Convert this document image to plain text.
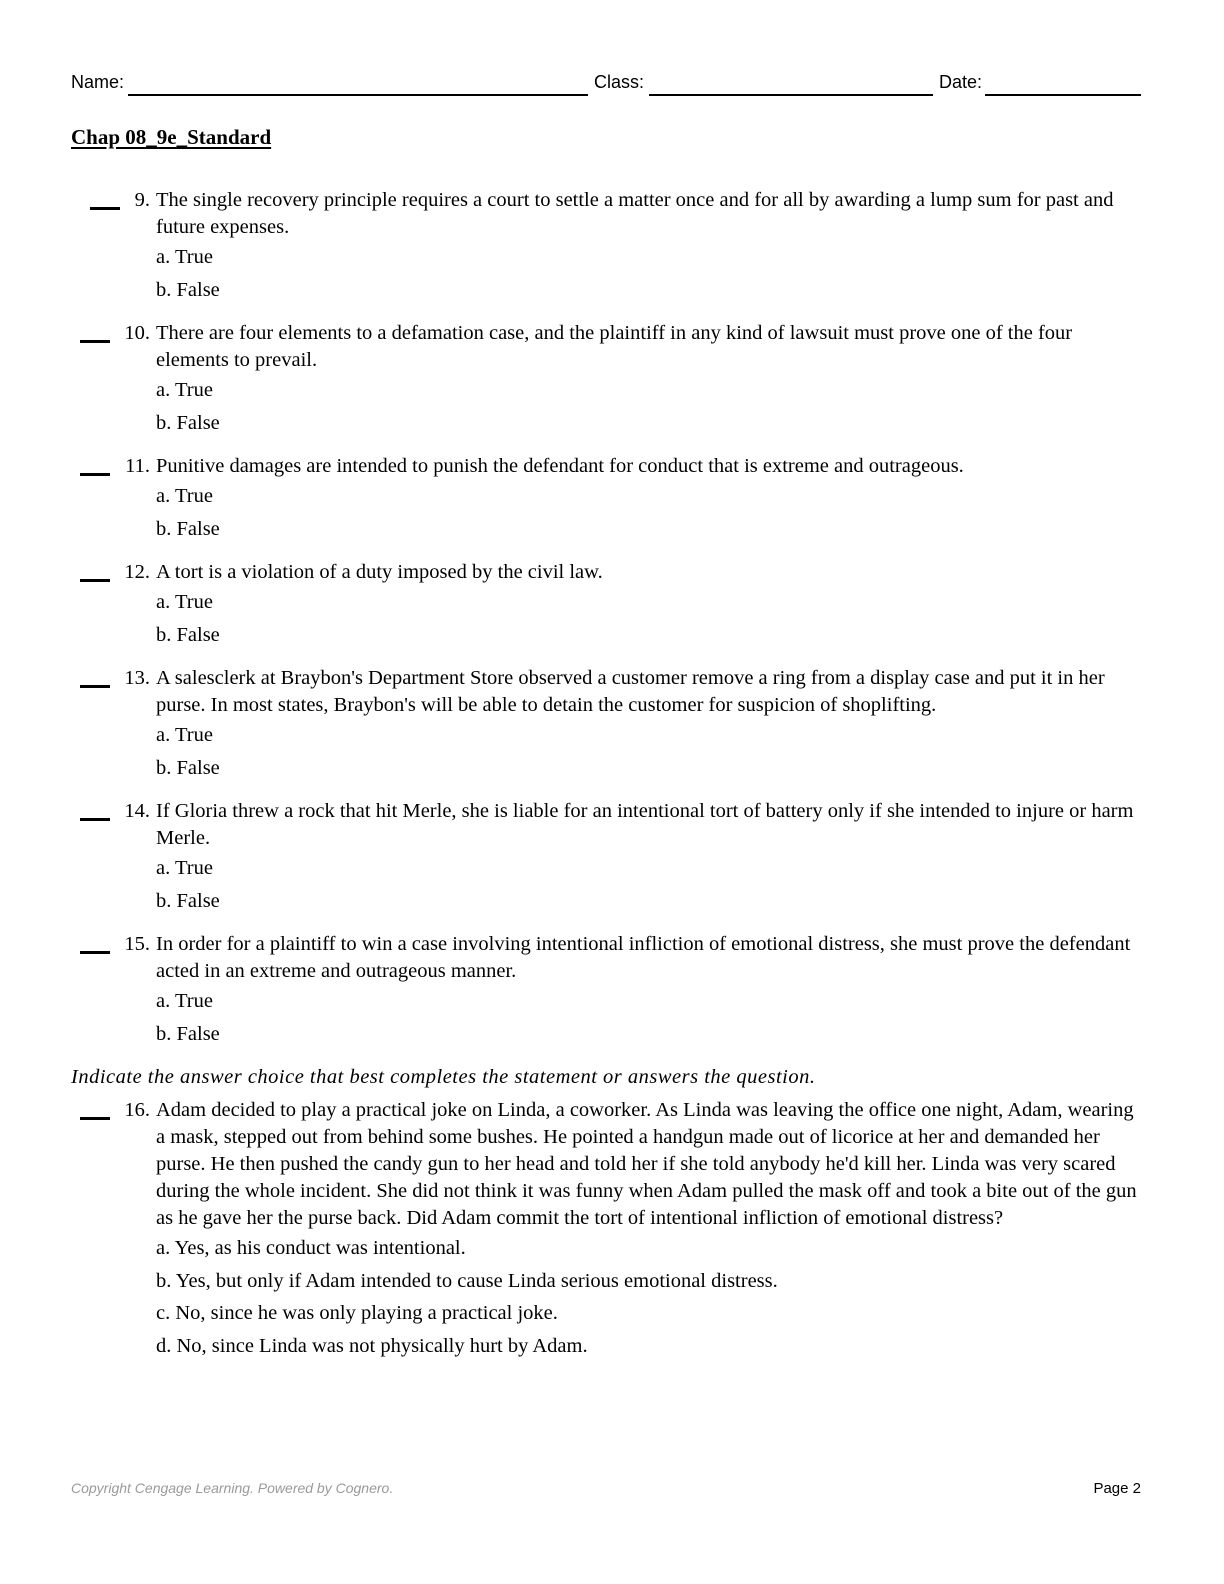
Name:	Class:	Date:
Chap 08_9e_Standard
9. The single recovery principle requires a court to settle a matter once and for all by awarding a lump sum for past and future expenses.
a. True
b. False
10. There are four elements to a defamation case, and the plaintiff in any kind of lawsuit must prove one of the four elements to prevail.
a. True
b. False
11. Punitive damages are intended to punish the defendant for conduct that is extreme and outrageous.
a. True
b. False
12. A tort is a violation of a duty imposed by the civil law.
a. True
b. False
13. A salesclerk at Braybon's Department Store observed a customer remove a ring from a display case and put it in her purse. In most states, Braybon's will be able to detain the customer for suspicion of shoplifting.
a. True
b. False
14. If Gloria threw a rock that hit Merle, she is liable for an intentional tort of battery only if she intended to injure or harm Merle.
a. True
b. False
15. In order for a plaintiff to win a case involving intentional infliction of emotional distress, she must prove the defendant acted in an extreme and outrageous manner.
a. True
b. False
Indicate the answer choice that best completes the statement or answers the question.
16. Adam decided to play a practical joke on Linda, a coworker. As Linda was leaving the office one night, Adam, wearing a mask, stepped out from behind some bushes. He pointed a handgun made out of licorice at her and demanded her purse. He then pushed the candy gun to her head and told her if she told anybody he'd kill her. Linda was very scared during the whole incident. She did not think it was funny when Adam pulled the mask off and took a bite out of the gun as he gave her the purse back. Did Adam commit the tort of intentional infliction of emotional distress?
a. Yes, as his conduct was intentional.
b. Yes, but only if Adam intended to cause Linda serious emotional distress.
c. No, since he was only playing a practical joke.
d. No, since Linda was not physically hurt by Adam.
Copyright Cengage Learning. Powered by Cognero.	Page 2
